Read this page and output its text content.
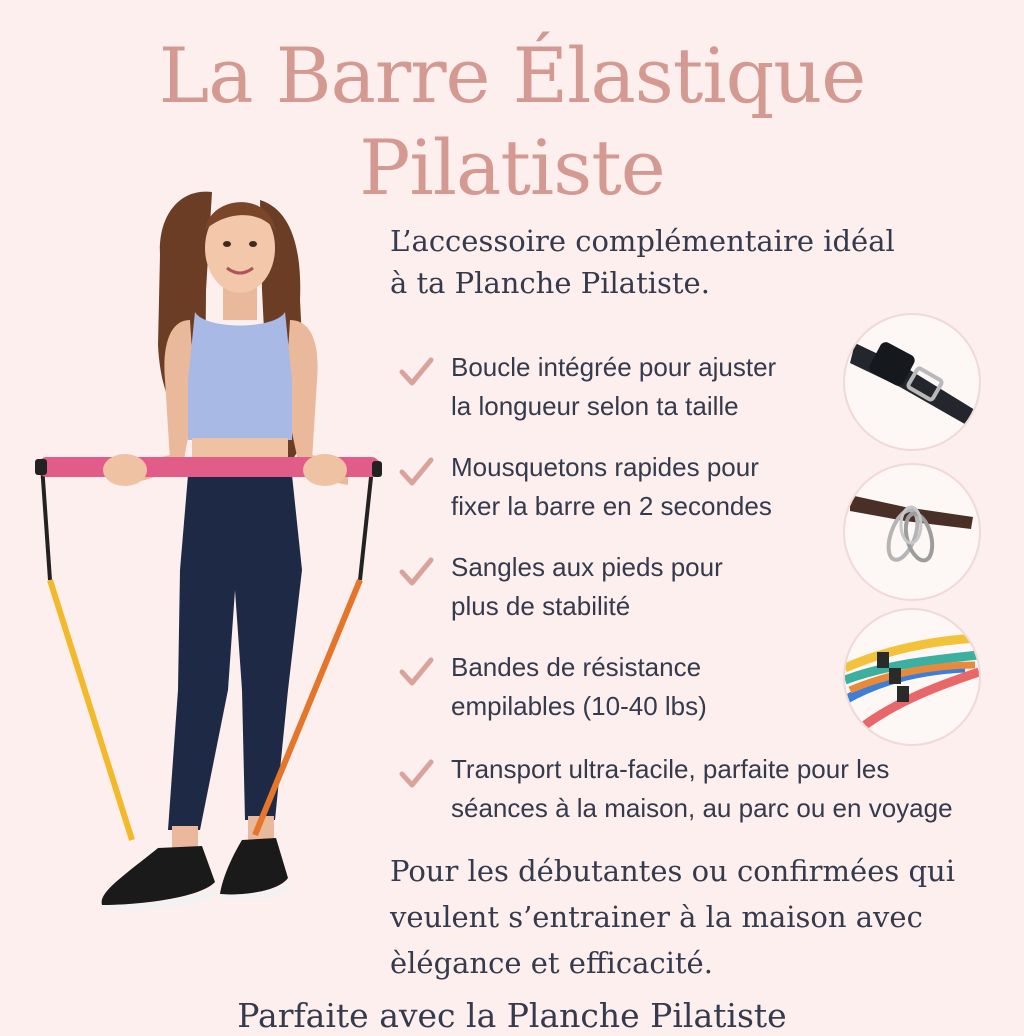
La Barre Élastique
Pilatiste

L’accessoire complémentaire idéal
à ta Planche Pilatiste.

Boucle intégrée pour ajuster
la longueur selon ta taille
Mousquetons rapides pour
fixer la barre en 2 secondes
Sangles aux pieds pour
plus de stabilité
Bandes de résistance
empilables (10-40 lbs)
Transport ultra-facile, parfaite pour les
séances à la maison, au parc ou en voyage

Pour les débutantes ou confirmées qui
veulent s’entrainer à la maison avec
èlégance et efficacité.

Parfaite avec la Planche Pilatiste
